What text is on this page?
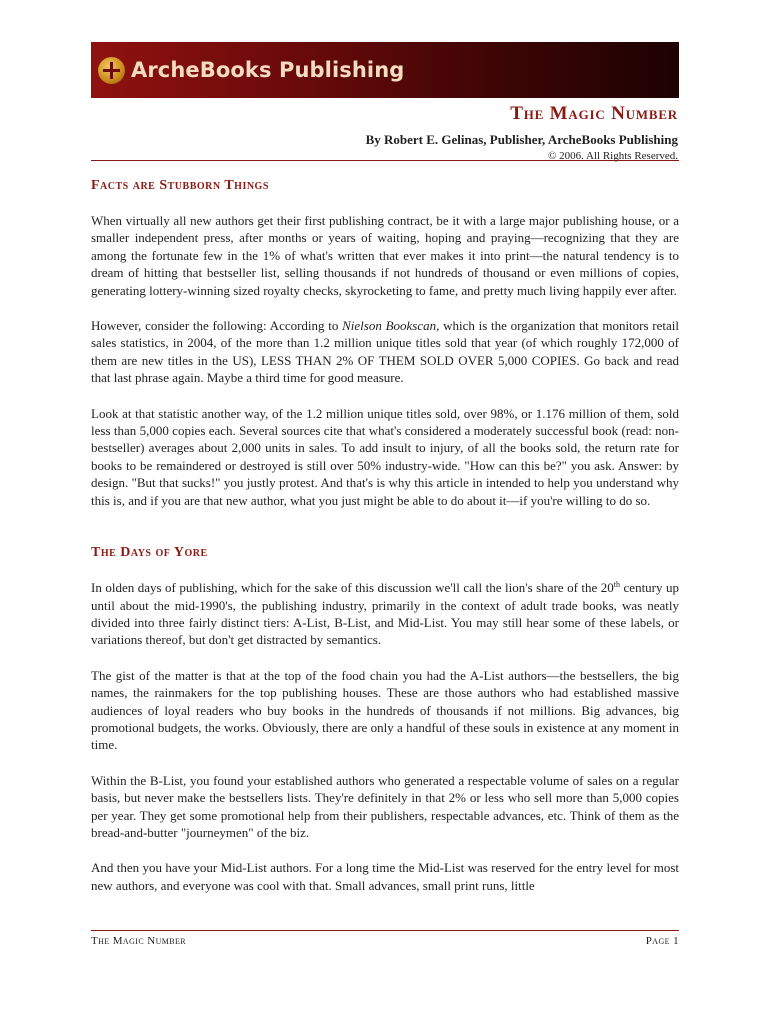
ArcheBooks Publishing
The Magic Number
By Robert E. Gelinas, Publisher, ArcheBooks Publishing
© 2006. All Rights Reserved.
Facts are Stubborn Things

When virtually all new authors get their first publishing contract, be it with a large major publishing house, or a smaller independent press, after months or years of waiting, hoping and praying—recognizing that they are among the fortunate few in the 1% of what's written that ever makes it into print—the natural tendency is to dream of hitting that bestseller list, selling thousands if not hundreds of thousand or even millions of copies, generating lottery-winning sized royalty checks, skyrocketing to fame, and pretty much living happily ever after.

However, consider the following: According to Nielson Bookscan, which is the organization that monitors retail sales statistics, in 2004, of the more than 1.2 million unique titles sold that year (of which roughly 172,000 of them are new titles in the US), LESS THAN 2% OF THEM SOLD OVER 5,000 COPIES. Go back and read that last phrase again. Maybe a third time for good measure.

Look at that statistic another way, of the 1.2 million unique titles sold, over 98%, or 1.176 million of them, sold less than 5,000 copies each. Several sources cite that what's considered a moderately successful book (read: non-bestseller) averages about 2,000 units in sales. To add insult to injury, of all the books sold, the return rate for books to be remaindered or destroyed is still over 50% industry-wide. "How can this be?" you ask. Answer: by design. "But that sucks!" you justly protest. And that's is why this article in intended to help you understand why this is, and if you are that new author, what you just might be able to do about it—if you're willing to do so.

The Days of Yore

In olden days of publishing, which for the sake of this discussion we'll call the lion's share of the 20th century up until about the mid-1990's, the publishing industry, primarily in the context of adult trade books, was neatly divided into three fairly distinct tiers: A-List, B-List, and Mid-List. You may still hear some of these labels, or variations thereof, but don't get distracted by semantics.

The gist of the matter is that at the top of the food chain you had the A-List authors—the bestsellers, the big names, the rainmakers for the top publishing houses. These are those authors who had established massive audiences of loyal readers who buy books in the hundreds of thousands if not millions. Big advances, big promotional budgets, the works. Obviously, there are only a handful of these souls in existence at any moment in time.

Within the B-List, you found your established authors who generated a respectable volume of sales on a regular basis, but never make the bestsellers lists. They're definitely in that 2% or less who sell more than 5,000 copies per year. They get some promotional help from their publishers, respectable advances, etc. Think of them as the bread-and-butter "journeymen" of the biz.

And then you have your Mid-List authors. For a long time the Mid-List was reserved for the entry level for most new authors, and everyone was cool with that. Small advances, small print runs, little

The Magic Number	Page 1
